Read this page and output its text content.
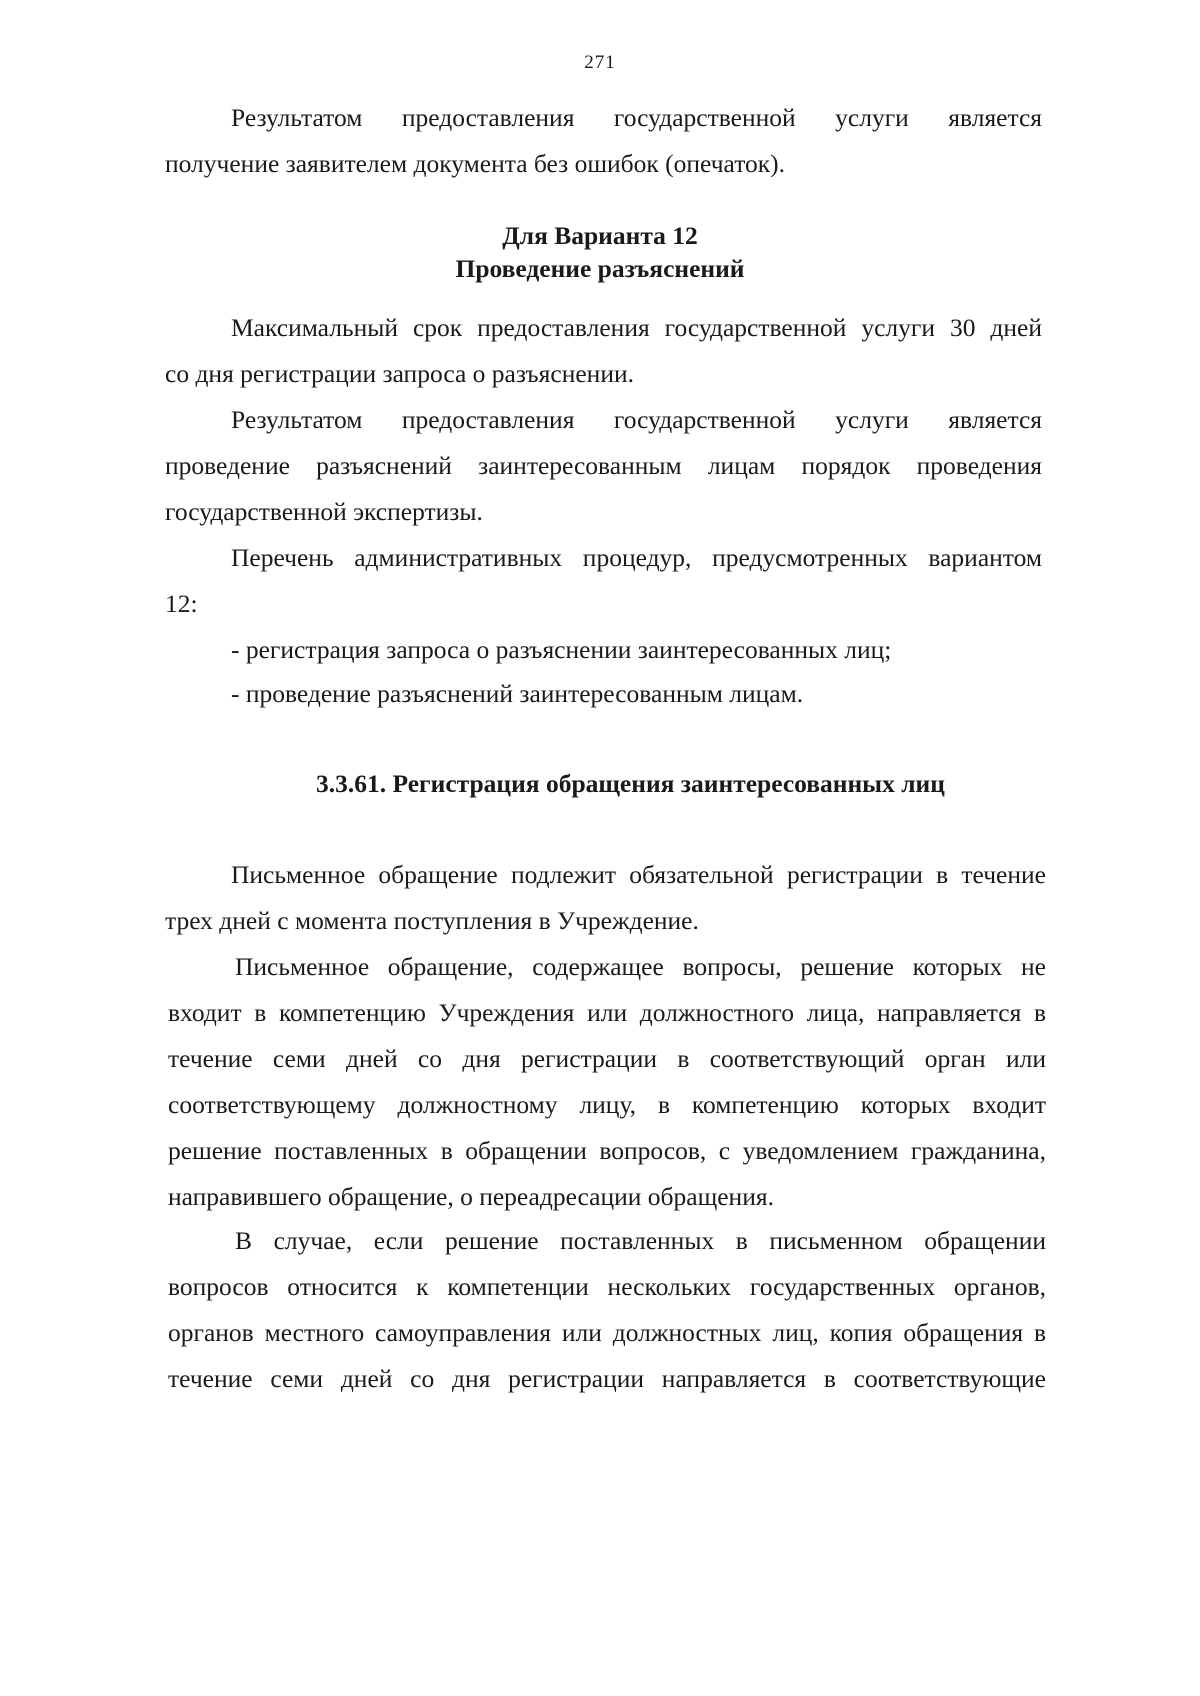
271
Результатом предоставления государственной услуги является
получение заявителем документа без ошибок (опечаток).
Для Варианта 12
Проведение разъяснений
Максимальный срок предоставления государственной услуги 30 дней
со дня регистрации запроса о разъяснении.
Результатом предоставления государственной услуги является
проведение разъяснений заинтересованным лицам порядок проведения
государственной экспертизы.
Перечень административных процедур, предусмотренных вариантом
12:
- регистрация запроса о разъяснении заинтересованных лиц;
- проведение разъяснений заинтересованным лицам.
3.3.61. Регистрация обращения заинтересованных лиц
Письменное обращение подлежит обязательной регистрации в течение
трех дней с момента поступления в Учреждение.
Письменное обращение, содержащее вопросы, решение которых не
входит в компетенцию Учреждения или должностного лица, направляется в
течение семи дней со дня регистрации в соответствующий орган или
соответствующему должностному лицу, в компетенцию которых входит
решение поставленных в обращении вопросов, с уведомлением гражданина,
направившего обращение, о переадресации обращения.
В случае, если решение поставленных в письменном обращении
вопросов относится к компетенции нескольких государственных органов,
органов местного самоуправления или должностных лиц, копия обращения в
течение семи дней со дня регистрации направляется в соответствующие
